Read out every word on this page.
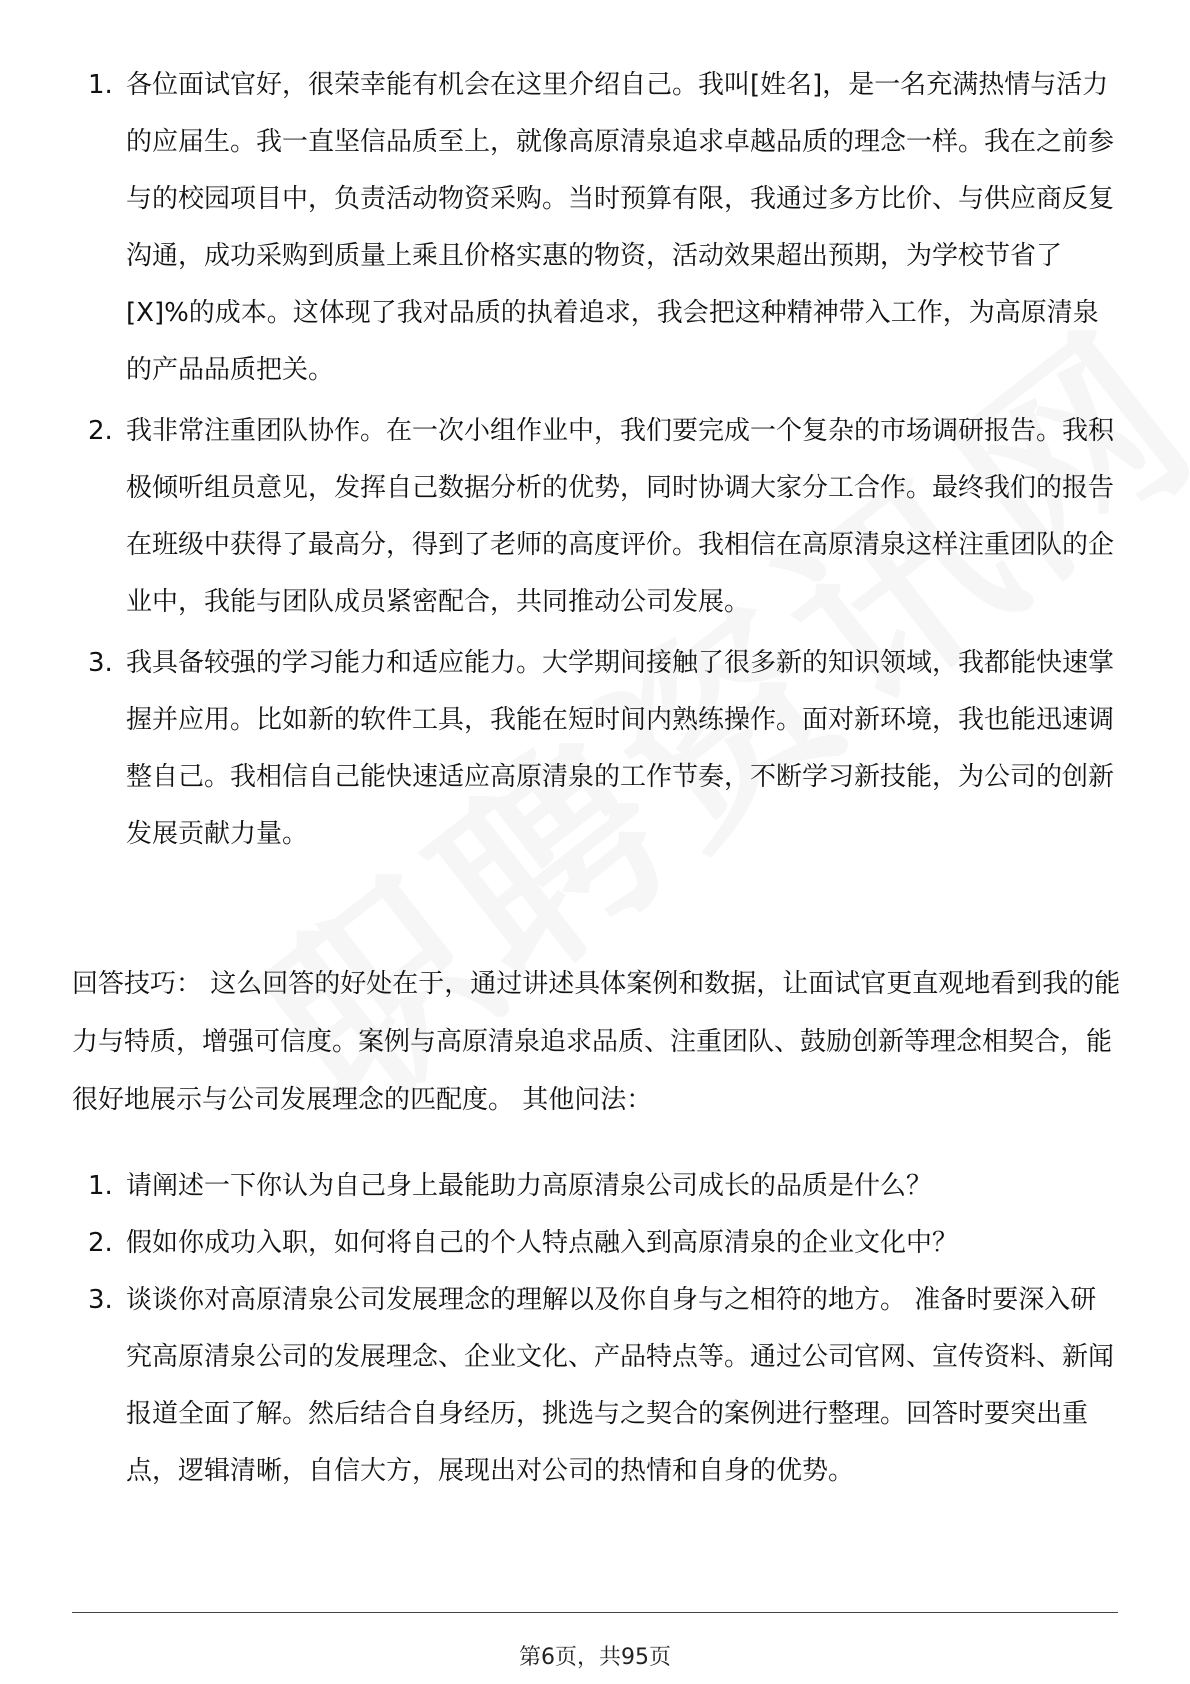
1. 各位面试官好，很荣幸能有机会在这里介绍自己。我叫[姓名]，是一名充满热情与活力的应届生。我一直坚信品质至上，就像高原清泉追求卓越品质的理念一样。我在之前参与的校园项目中，负责活动物资采购。当时预算有限，我通过多方比价、与供应商反复沟通，成功采购到质量上乘且价格实惠的物资，活动效果超出预期，为学校节省了[X]%的成本。这体现了我对品质的执着追求，我会把这种精神带入工作，为高原清泉的产品品质把关。
2. 我非常注重团队协作。在一次小组作业中，我们要完成一个复杂的市场调研报告。我积极倾听组员意见，发挥自己数据分析的优势，同时协调大家分工合作。最终我们的报告在班级中获得了最高分，得到了老师的高度评价。我相信在高原清泉这样注重团队的企业中，我能与团队成员紧密配合，共同推动公司发展。
3. 我具备较强的学习能力和适应能力。大学期间接触了很多新的知识领域，我都能快速掌握并应用。比如新的软件工具，我能在短时间内熟练操作。面对新环境，我也能迅速调整自己。我相信自己能快速适应高原清泉的工作节奏，不断学习新技能，为公司的创新发展贡献力量。

回答技巧： 这么回答的好处在于，通过讲述具体案例和数据，让面试官更直观地看到我的能力与特质，增强可信度。案例与高原清泉追求品质、注重团队、鼓励创新等理念相契合，能很好地展示与公司发展理念的匹配度。 其他问法：

1. 请阐述一下你认为自己身上最能助力高原清泉公司成长的品质是什么？
2. 假如你成功入职，如何将自己的个人特点融入到高原清泉的企业文化中？
3. 谈谈你对高原清泉公司发展理念的理解以及你自身与之相符的地方。 准备时要深入研究高原清泉公司的发展理念、企业文化、产品特点等。通过公司官网、宣传资料、新闻报道全面了解。然后结合自身经历，挑选与之契合的案例进行整理。回答时要突出重点，逻辑清晰，自信大方，展现出对公司的热情和自身的优势。
第6页，共95页
